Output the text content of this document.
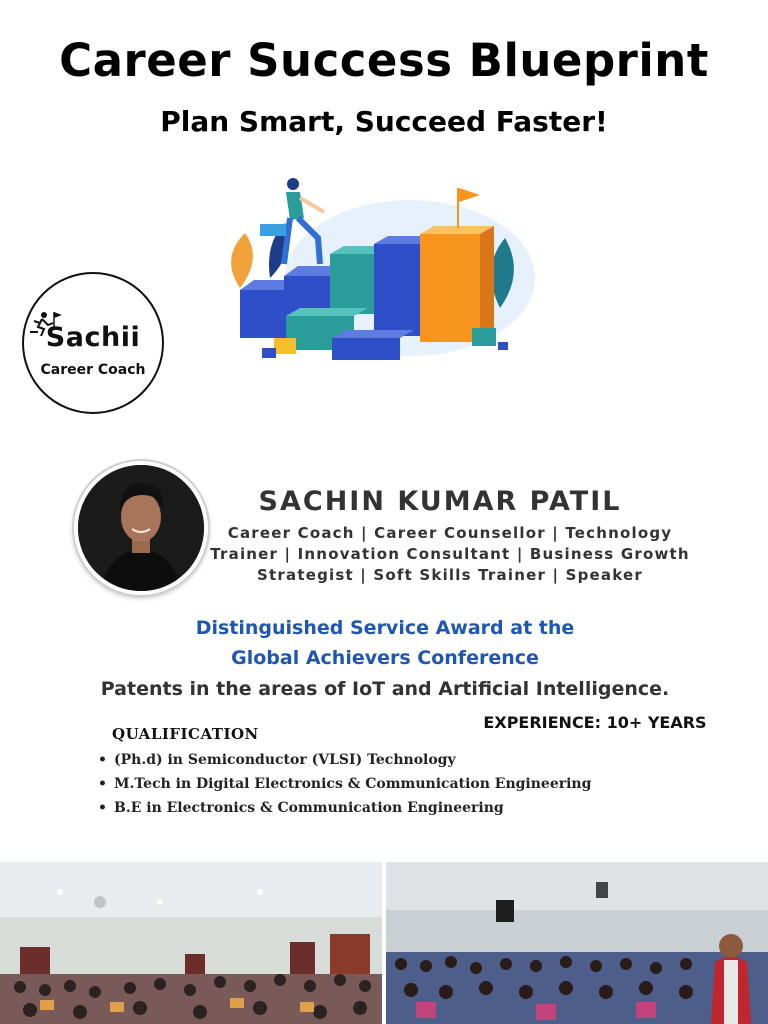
Career Success Blueprint
Plan Smart, Succeed Faster!
Sachii
Career Coach
SACHIN KUMAR PATIL
Career Coach | Career Counsellor | Technology
Trainer | Innovation Consultant | Business Growth
Strategist | Soft Skills Trainer | Speaker
Distinguished Service Award at the
Global Achievers Conference
Patents in the areas of IoT and Artificial Intelligence.
EXPERIENCE: 10+ YEARS
QUALIFICATION
• (Ph.d) in Semiconductor (VLSI) Technology
• M.Tech in Digital Electronics & Communication Engineering
• B.E in Electronics & Communication Engineering
